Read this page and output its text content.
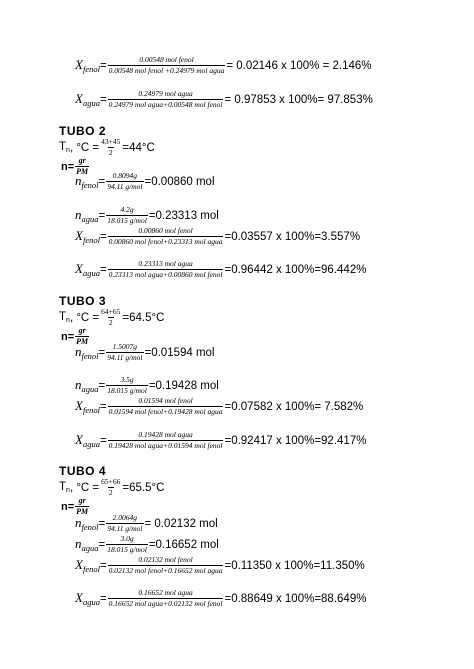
$X_{fenol} = \frac{\text{0.00548 mol fenol}}{\text{0.00548 mol fenol +0.24979 mol agua}} = 0.02146$ x 100% = 2.146%
$X_{agua} = \frac{\text{0.24979 mol agua}}{\text{0.24979 mol agua+0.00548 mol fenol}} = 0.97853$ x 100%= 97.853%
TUBO 2
$T_n$ , $^\circ C = \frac{43+45}{2} =44^\circ C$
$n= \frac{gr}{PM}$
$n_{fenol} = \frac{0.8094g}{\text{94.11 g/mol}} =0.00860$ mol
$n_{agua} = \frac{4.2g}{\text{18.015 g/mol}} =0.23313$ mol
$X_{fenol} = \frac{\text{0.00860 mol fenol}}{\text{0.00860 mol fenol+0.23313 mol agua}} =0.03557$ x 100%=3.557%
$X_{agua} = \frac{\text{0.23313 mol agua}}{\text{0.23313 mol agua+0.00860 mol fenol}} =0.96442$ x 100%=96.442%
TUBO 3
$T_n$ , $^\circ C = \frac{64+65}{2} =64.5^\circ C$
$n= \frac{gr}{PM}$
$n_{fenol} = \frac{1.5007g}{\text{94.11 g/mol}} =0.01594$ mol
$n_{agua} = \frac{3.5g}{\text{18.015 g/mol}} =0.19428$ mol
$X_{fenol} = \frac{\text{0.01594 mol fenol}}{\text{0.01594 mol fenol+0.19428 mol agua}} =0.07582$ x 100%= 7.582%
$X_{agua} = \frac{\text{0.19428 mol agua}}{\text{0.19428 mol agua+0.01594 mol fenol}} =0.92417$ x 100%=92.417%
TUBO 4
$T_n$ , $^\circ C = \frac{65+66}{2} =65.5^\circ C$
$n= \frac{gr}{PM}$
$n_{fenol} = \frac{2.0064g}{\text{94.11 g/mol}} = 0.02132$ mol
$n_{agua} = \frac{3.0g}{\text{18.015 g/mol}} =0.16652$ mol
$X_{fenol} = \frac{\text{0.02132 mol fenol}}{\text{0.02132 mol fenol+0.16652 mol agua}} =0.11350$ x 100%=11.350%
$X_{agua} = \frac{\text{0.16652 mol agua}}{\text{0.16652 mol agua+0.02132 mol fenol}} =0.88649$ x 100%=88.649%
